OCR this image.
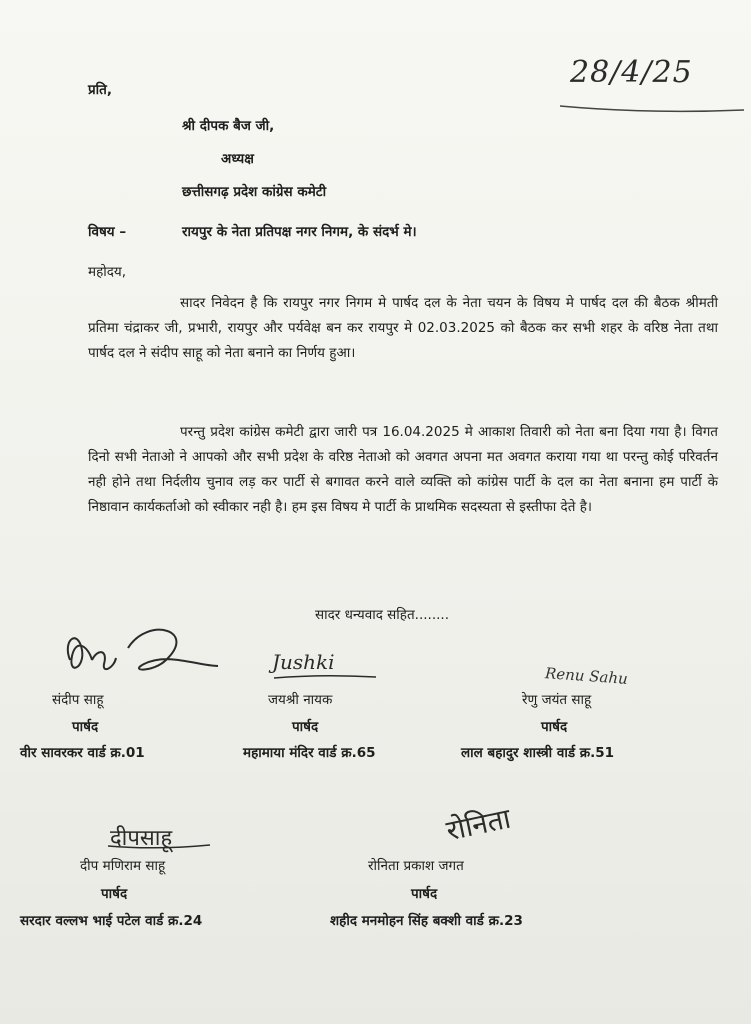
प्रति,	28/4/25
श्री दीपक बैज जी,
अध्यक्ष
छत्तीसगढ़ प्रदेश कांग्रेस कमेटी
विषय –	रायपुर के नेता प्रतिपक्ष नगर निगम, के संदर्भ मे।
महोदय,
सादर निवेदन है कि रायपुर नगर निगम मे पार्षद दल के नेता चयन के विषय मे पार्षद दल की बैठक श्रीमती प्रतिमा चंद्राकर जी, प्रभारी, रायपुर और पर्यवेक्ष बन कर रायपुर मे 02.03.2025 को बैठक कर सभी शहर के वरिष्ठ नेता तथा पार्षद दल ने संदीप साहू को नेता बनाने का निर्णय हुआ।
परन्तु प्रदेश कांग्रेस कमेटी द्वारा जारी पत्र 16.04.2025 मे आकाश तिवारी को नेता बना दिया गया है। विगत दिनो सभी नेताओ ने आपको और सभी प्रदेश के वरिष्ठ नेताओ को अवगत अपना मत अवगत कराया गया था परन्तु कोई परिवर्तन नही होने तथा निर्दलीय चुनाव लड़ कर पार्टी से बगावत करने वाले व्यक्ति को कांग्रेस पार्टी के दल का नेता बनाना हम पार्टी के निष्ठावान कार्यकर्ताओ को स्वीकार नही है। हम इस विषय मे पार्टी के प्राथमिक सदस्यता से इस्तीफा देते है।
सादर धन्यवाद सहित........
Jushki
Renu Sahu
संदीप साहू	जयश्री नायक	रेणु जयंत साहू
पार्षद	पार्षद	पार्षद
वीर सावरकर वार्ड क्र.01	महामाया मंदिर वार्ड क्र.65	लाल बहादुर शास्त्री वार्ड क्र.51
दीपसाहू	रोनिता
दीप मणिराम साहू	रोनिता प्रकाश जगत
पार्षद	पार्षद
सरदार वल्लभ भाई पटेल वार्ड क्र.24	शहीद मनमोहन सिंह बक्शी वार्ड क्र.23
